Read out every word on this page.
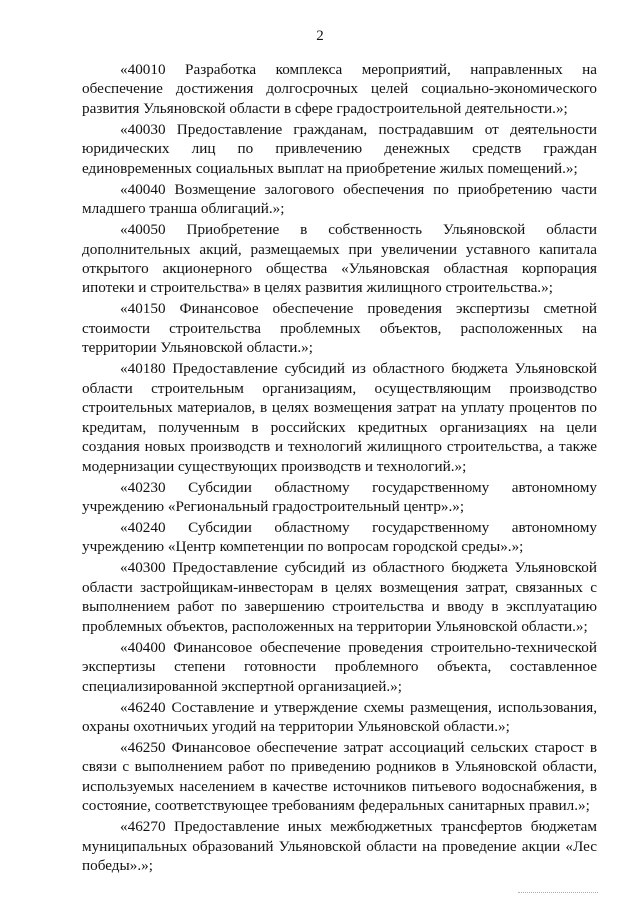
2

«40010 Разработка комплекса мероприятий, направленных на обеспечение достижения долгосрочных целей социально-экономического развития Ульяновской области в сфере градостроительной деятельности.»;

«40030 Предоставление гражданам, пострадавшим от деятельности юридических лиц по привлечению денежных средств граждан единовременных социальных выплат на приобретение жилых помещений.»;

«40040 Возмещение залогового обеспечения по приобретению части младшего транша облигаций.»;

«40050 Приобретение в собственность Ульяновской области дополнительных акций, размещаемых при увеличении уставного капитала открытого акционерного общества «Ульяновская областная корпорация ипотеки и строительства» в целях развития жилищного строительства.»;

«40150 Финансовое обеспечение проведения экспертизы сметной стоимости строительства проблемных объектов, расположенных на территории Ульяновской области.»;

«40180 Предоставление субсидий из областного бюджета Ульяновской области строительным организациям, осуществляющим производство строительных материалов, в целях возмещения затрат на уплату процентов по кредитам, полученным в российских кредитных организациях на цели создания новых производств и технологий жилищного строительства, а также модернизации существующих производств и технологий.»;

«40230 Субсидии областному государственному автономному учреждению «Региональный градостроительный центр».»;

«40240 Субсидии областному государственному автономному учреждению «Центр компетенции по вопросам городской среды».»;

«40300 Предоставление субсидий из областного бюджета Ульяновской области застройщикам-инвесторам в целях возмещения затрат, связанных с выполнением работ по завершению строительства и вводу в эксплуатацию проблемных объектов, расположенных на территории Ульяновской области.»;

«40400 Финансовое обеспечение проведения строительно-технической экспертизы степени готовности проблемного объекта, составленное специализированной экспертной организацией.»;

«46240 Составление и утверждение схемы размещения, использования, охраны охотничьих угодий на территории Ульяновской области.»;

«46250 Финансовое обеспечение затрат ассоциаций сельских старост в связи с выполнением работ по приведению родников в Ульяновской области, используемых населением в качестве источников питьевого водоснабжения, в состояние, соответствующее требованиям федеральных санитарных правил.»;

«46270 Предоставление иных межбюджетных трансфертов бюджетам муниципальных образований Ульяновской области на проведение акции «Лес победы».»;
